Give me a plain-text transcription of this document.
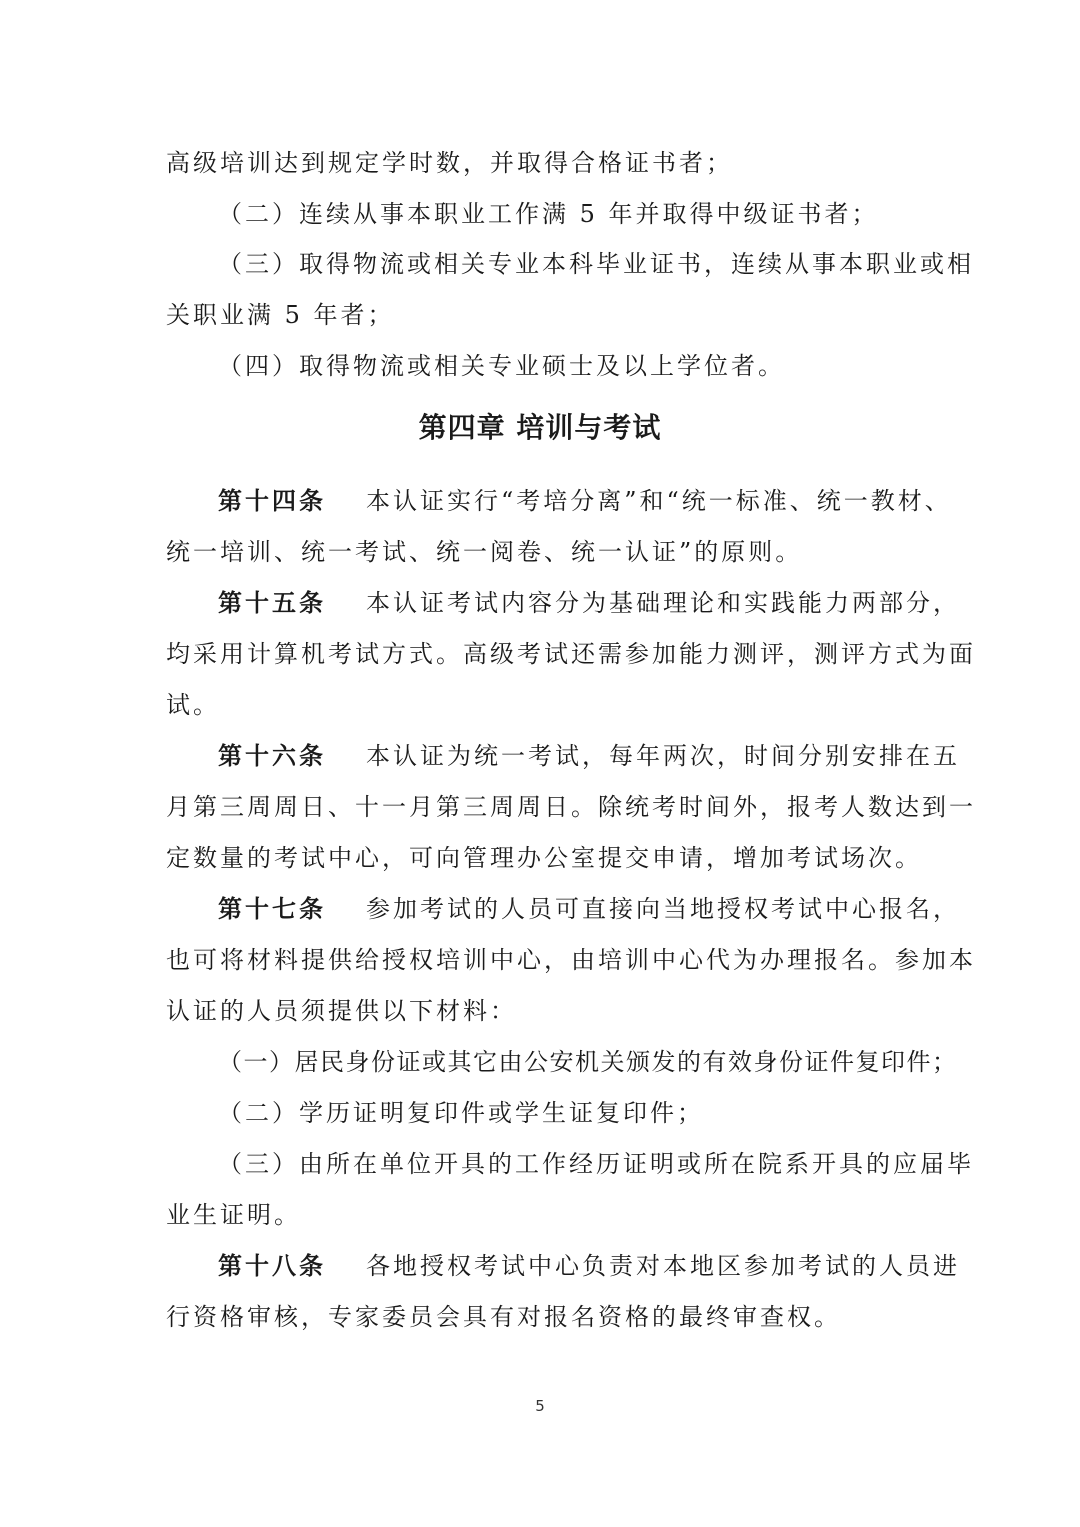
高级培训达到规定学时数，并取得合格证书者；
（二）连续从事本职业工作满 5 年并取得中级证书者；
（三）取得物流或相关专业本科毕业证书，连续从事本职业或相
关职业满 5 年者；
（四）取得物流或相关专业硕士及以上学位者。
第四章 培训与考试
第十四条 本认证实行“考培分离”和“统一标准、统一教材、
统一培训、统一考试、统一阅卷、统一认证”的原则。
第十五条 本认证考试内容分为基础理论和实践能力两部分，
均采用计算机考试方式。高级考试还需参加能力测评，测评方式为面
试。
第十六条 本认证为统一考试，每年两次，时间分别安排在五
月第三周周日、十一月第三周周日。除统考时间外，报考人数达到一
定数量的考试中心，可向管理办公室提交申请，增加考试场次。
第十七条 参加考试的人员可直接向当地授权考试中心报名，
也可将材料提供给授权培训中心，由培训中心代为办理报名。参加本
认证的人员须提供以下材料：
（一）居民身份证或其它由公安机关颁发的有效身份证件复印件；
（二）学历证明复印件或学生证复印件；
（三）由所在单位开具的工作经历证明或所在院系开具的应届毕
业生证明。
第十八条 各地授权考试中心负责对本地区参加考试的人员进
行资格审核，专家委员会具有对报名资格的最终审查权。
5
